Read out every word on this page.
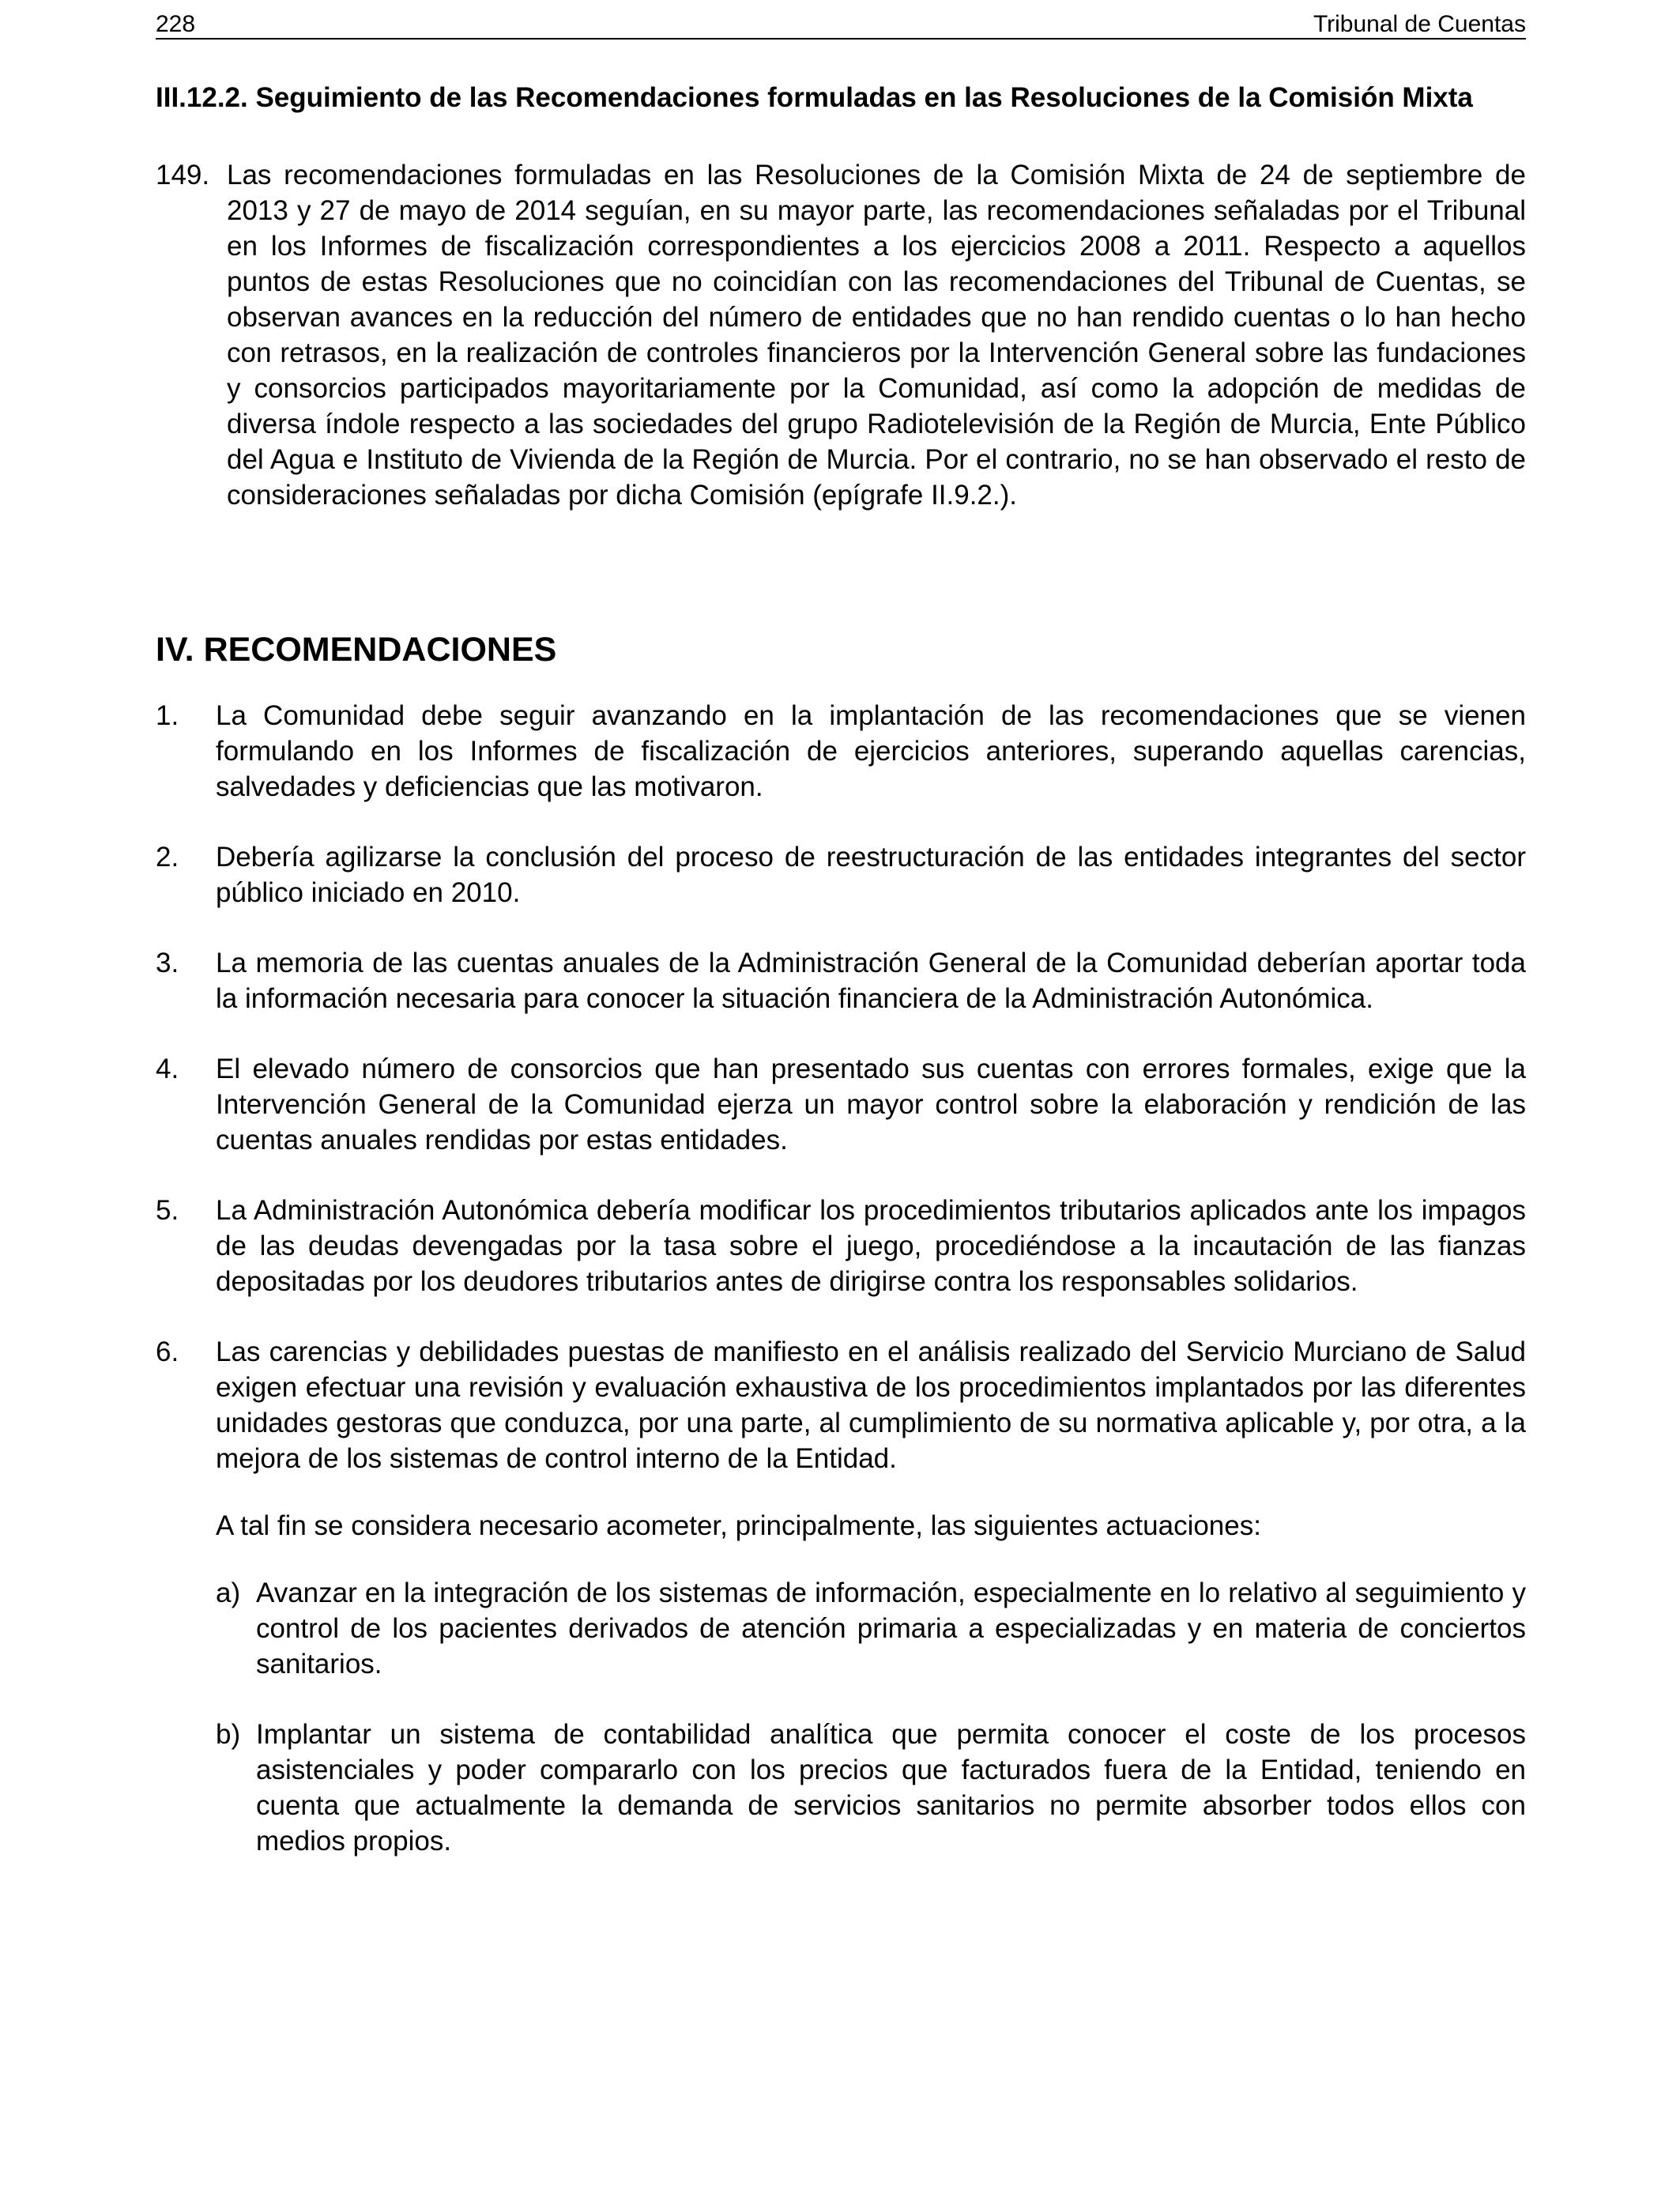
228	Tribunal de Cuentas
III.12.2. Seguimiento de las Recomendaciones formuladas en las Resoluciones de la Comisión Mixta
149. Las recomendaciones formuladas en las Resoluciones de la Comisión Mixta de 24 de septiembre de 2013 y 27 de mayo de 2014 seguían, en su mayor parte, las recomendaciones señaladas por el Tribunal en los Informes de fiscalización correspondientes a los ejercicios 2008 a 2011. Respecto a aquellos puntos de estas Resoluciones que no coincidían con las recomendaciones del Tribunal de Cuentas, se observan avances en la reducción del número de entidades que no han rendido cuentas o lo han hecho con retrasos, en la realización de controles financieros por la Intervención General sobre las fundaciones y consorcios participados mayoritariamente por la Comunidad, así como la adopción de medidas de diversa índole respecto a las sociedades del grupo Radiotelevisión de la Región de Murcia, Ente Público del Agua e Instituto de Vivienda de la Región de Murcia. Por el contrario, no se han observado el resto de consideraciones señaladas por dicha Comisión (epígrafe II.9.2.).
IV. RECOMENDACIONES
1. La Comunidad debe seguir avanzando en la implantación de las recomendaciones que se vienen formulando en los Informes de fiscalización de ejercicios anteriores, superando aquellas carencias, salvedades y deficiencias que las motivaron.
2. Debería agilizarse la conclusión del proceso de reestructuración de las entidades integrantes del sector público iniciado en 2010.
3. La memoria de las cuentas anuales de la Administración General de la Comunidad deberían aportar toda la información necesaria para conocer la situación financiera de la Administración Autonómica.
4. El elevado número de consorcios que han presentado sus cuentas con errores formales, exige que la Intervención General de la Comunidad ejerza un mayor control sobre la elaboración y rendición de las cuentas anuales rendidas por estas entidades.
5. La Administración Autonómica debería modificar los procedimientos tributarios aplicados ante los impagos de las deudas devengadas por la tasa sobre el juego, procediéndose a la incautación de las fianzas depositadas por los deudores tributarios antes de dirigirse contra los responsables solidarios.
6. Las carencias y debilidades puestas de manifiesto en el análisis realizado del Servicio Murciano de Salud exigen efectuar una revisión y evaluación exhaustiva de los procedimientos implantados por las diferentes unidades gestoras que conduzca, por una parte, al cumplimiento de su normativa aplicable y, por otra, a la mejora de los sistemas de control interno de la Entidad.
A tal fin se considera necesario acometer, principalmente, las siguientes actuaciones:
a) Avanzar en la integración de los sistemas de información, especialmente en lo relativo al seguimiento y control de los pacientes derivados de atención primaria a especializadas y en materia de conciertos sanitarios.
b) Implantar un sistema de contabilidad analítica que permita conocer el coste de los procesos asistenciales y poder compararlo con los precios que facturados fuera de la Entidad, teniendo en cuenta que actualmente la demanda de servicios sanitarios no permite absorber todos ellos con medios propios.
